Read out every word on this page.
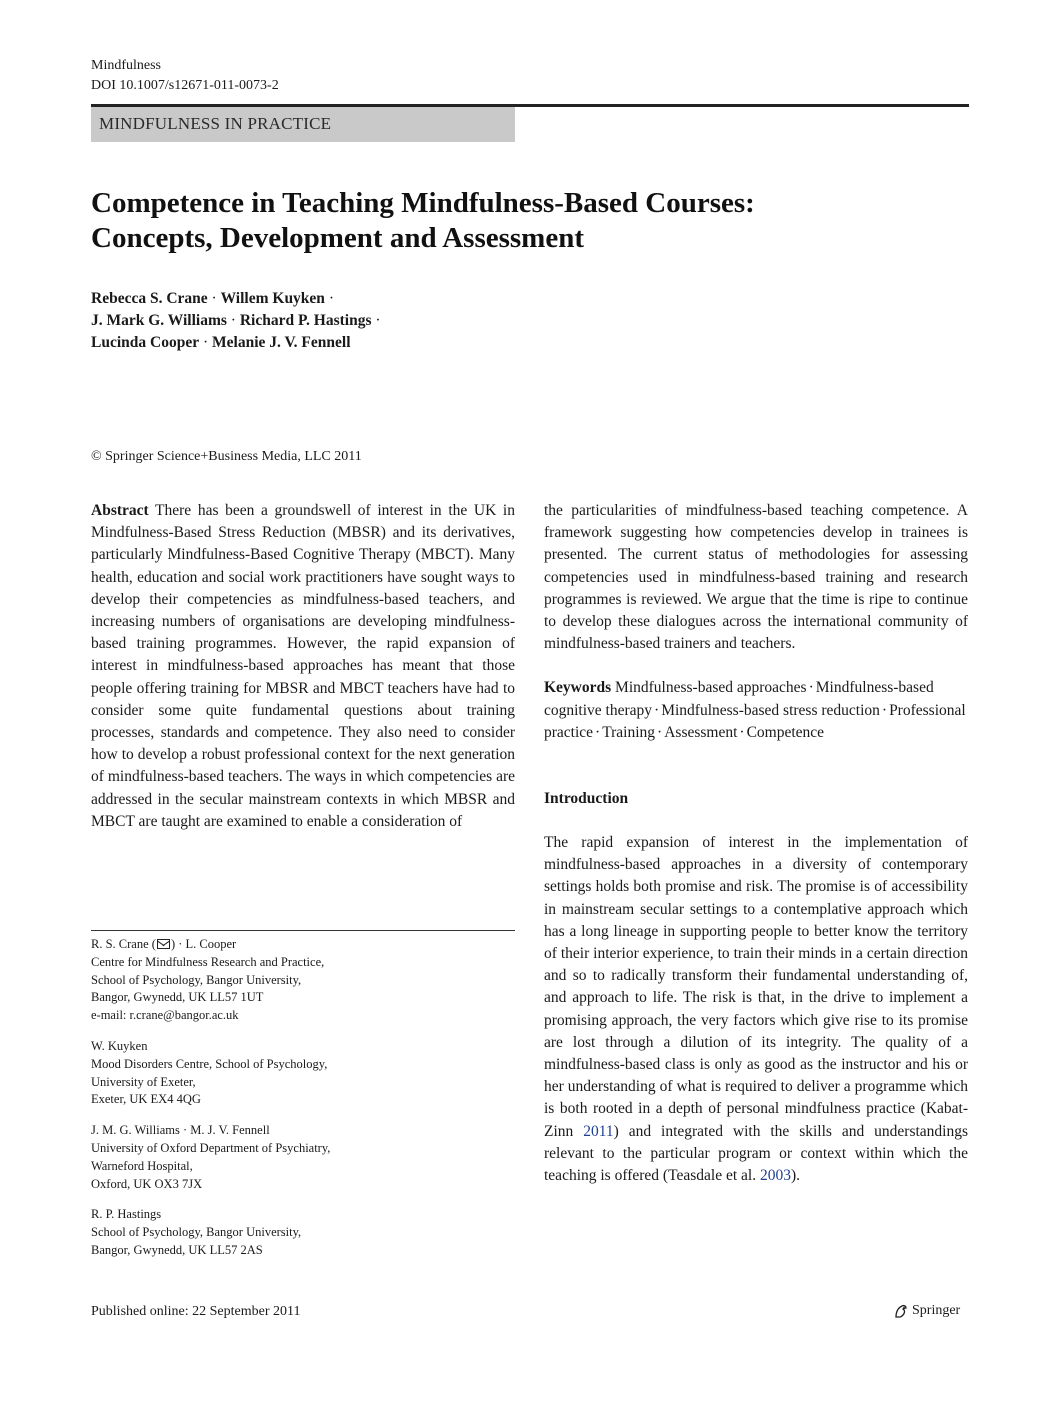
Mindfulness
DOI 10.1007/s12671-011-0073-2
MINDFULNESS IN PRACTICE
Competence in Teaching Mindfulness-Based Courses:
Concepts, Development and Assessment
Rebecca S. Crane · Willem Kuyken ·
J. Mark G. Williams · Richard P. Hastings ·
Lucinda Cooper · Melanie J. V. Fennell
© Springer Science+Business Media, LLC 2011

Abstract There has been a groundswell of interest in the UK in Mindfulness-Based Stress Reduction (MBSR) and its derivatives, particularly Mindfulness-Based Cognitive Therapy (MBCT). Many health, education and social work practitioners have sought ways to develop their competencies as mindfulness-based teachers, and increasing numbers of organisations are developing mindfulness-based training programmes. However, the rapid expansion of interest in mindfulness-based approaches has meant that those people offering training for MBSR and MBCT teachers have had to consider some quite fundamental questions about training processes, standards and competence. They also need to consider how to develop a robust professional context for the next generation of mindfulness-based teachers. The ways in which competencies are addressed in the secular mainstream contexts in which MBSR and MBCT are taught are examined to enable a consideration of

the particularities of mindfulness-based teaching competence. A framework suggesting how competencies develop in trainees is presented. The current status of methodologies for assessing competencies used in mindfulness-based training and research programmes is reviewed. We argue that the time is ripe to continue to develop these dialogues across the international community of mindfulness-based trainers and teachers.

Keywords Mindfulness-based approaches · Mindfulness-based cognitive therapy · Mindfulness-based stress reduction · Professional practice · Training · Assessment · Competence

Introduction

The rapid expansion of interest in the implementation of mindfulness-based approaches in a diversity of contemporary settings holds both promise and risk. The promise is of accessibility in mainstream secular settings to a contemplative approach which has a long lineage in supporting people to better know the territory of their interior experience, to train their minds in a certain direction and so to radically transform their fundamental understanding of, and approach to life. The risk is that, in the drive to implement a promising approach, the very factors which give rise to its promise are lost through a dilution of its integrity. The quality of a mindfulness-based class is only as good as the instructor and his or her understanding of what is required to deliver a programme which is both rooted in a depth of personal mindfulness practice (Kabat-Zinn 2011) and integrated with the skills and understandings relevant to the particular program or context within which the teaching is offered (Teasdale et al. 2003).

R. S. Crane ( ) · L. Cooper
Centre for Mindfulness Research and Practice,
School of Psychology, Bangor University,
Bangor, Gwynedd, UK LL57 1UT
e-mail: r.crane@bangor.ac.uk
W. Kuyken
Mood Disorders Centre, School of Psychology,
University of Exeter,
Exeter, UK EX4 4QG
J. M. G. Williams · M. J. V. Fennell
University of Oxford Department of Psychiatry,
Warneford Hospital,
Oxford, UK OX3 7JX
R. P. Hastings
School of Psychology, Bangor University,
Bangor, Gwynedd, UK LL57 2AS
Published online: 22 September 2011	Springer
